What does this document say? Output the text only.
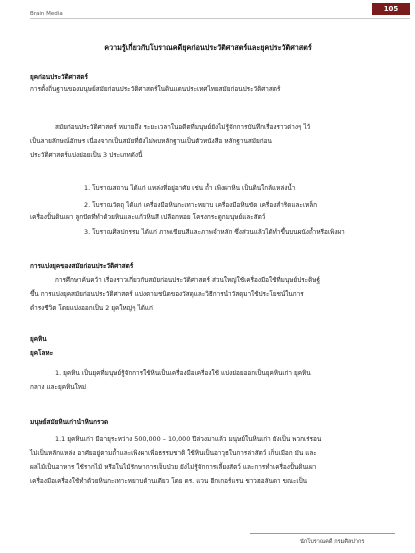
Brain Media
105
ความรู้เกี่ยวกับโบราณคดียุคก่อนประวัติศาสตร์และยุคประวัติศาสตร์
ยุคก่อนประวัติศาสตร์
การตั้งถิ่นฐานของมนุษย์สมัยก่อนประวัติศาสตร์ในดินแดนประเทศไทยสมัยก่อนประวัติศาสตร์
สมัยก่อนประวัติศาสตร์ หมายถึง ระยะเวลาในอดีตที่มนุษย์ยังไม่รู้จักการบันทึกเรื่องราวต่างๆ ไว้
เป็นลายลักษณ์อักษร เนื่องจากเป็นสมัยที่ยังไม่พบหลักฐานเป็นตัวหนังสือ หลักฐานสมัยก่อน
ประวัติศาสตร์แบ่งย่อยเป็น 3 ประเภทดังนี้
1. โบราณสถาน ได้แก่ แหล่งที่อยู่อาศัย เช่น ถ้ำ เพิงผาหิน เป็นดินใกล้แหล่งน้ำ
2. โบราณวัตถุ ได้แก่ เครื่องมือหินกะเทาะหยาบ เครื่องมือหินขัด เครื่องสำริดและเหล็ก
เครื่องปั้นดินเผา ลูกปัดที่ทำด้วยหินและแก้วหินสี เปลือกหอย โครงกระดูกมนุษย์และสัตว์
3. โบราณศิลปกรรม ได้แก่ ภาพเขียนสีและภาพจำหลัก ซึ่งส่วนแล้วได้ทำขึ้นบนผนังถ้ำหรือเพิงผา
การแบ่งยุคของสมัยก่อนประวัติศาสตร์
การศึกษาค้นคว้า เรื่องราวเกี่ยวกับสมัยก่อนประวัติศาสตร์ ส่วนใหญ่ใช้เครื่องมือใช้ที่มนุษย์ประดิษฐ์
ขึ้น การแบ่งยุคสมัยก่อนประวัติศาสตร์ แบ่งตามชนิดของวัสดุและวิธีการนำวัสดุมาใช้ประโยชน์ในการ
ดำรงชีวิต โดยแบ่งออกเป็น 2 ยุคใหญ่ๆ ได้แก่
ยุคหิน
ยุคโลหะ
1. ยุคหิน เป็นยุคที่มนุษย์รู้จักการใช้หินเป็นเครื่องมือเครื่องใช้ แบ่งย่อยออกเป็นยุคหินเก่า ยุคหิน
กลาง และยุคหินใหม่
มนุษย์สมัยหินเก่านำหินกรวด
1.1 ยุคหินเก่า มีอายุระหว่าง 500,000 – 10,000 ปีล่วงมาแล้ว มนุษย์ในหินเก่า ยังเป็น พวกเร่รอน
ไม่เป็นหลักแหล่ง อาศัยอยู่ตามถ้ำและเพิงผาเพื่อธรรมชาติ ใช้หินเป็นอาวุธในการล่าสัตว์ เก็บเมือก มัน และ
ผลไม้เป็นอาหาร ใช้รากไม้ หรือในไม้รักษาการเจ็บป่วย ยังไม่รู้จักการเลี้ยงสัตว์ และการทำเครื่องปั้นดินเผา
เครื่องมือเครื่องใช้ทำด้วยหินกะเทาะหยาบด้านเดียว โดย ดร. แวน ฮีกเกอร์แรน ชาวฮอลันดา ขณะเป็น
นักโบราณคดี กรมศิลปากร
